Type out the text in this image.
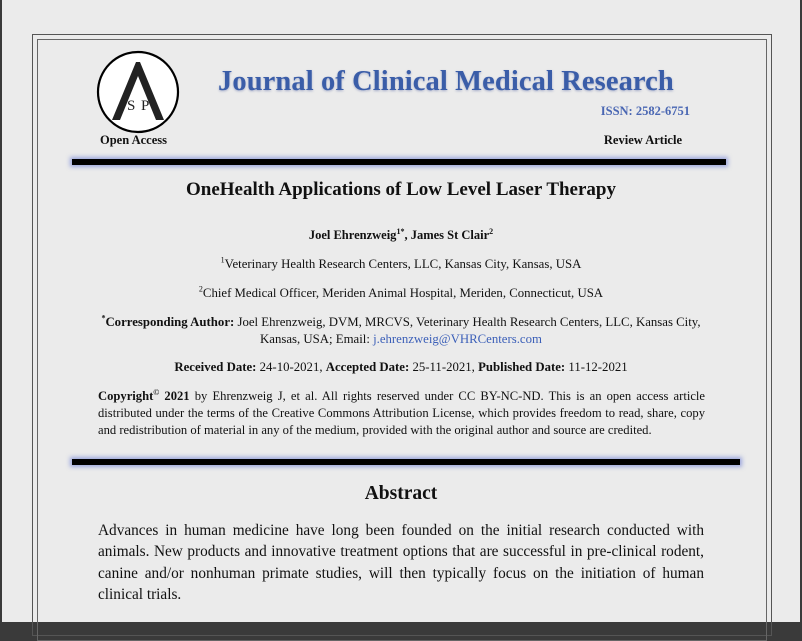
S P
Open Access
Journal of Clinical Medical Research
ISSN: 2582-6751
Review Article
OneHealth Applications of Low Level Laser Therapy
Joel Ehrenzweig$^{1*}$, James St Clair$^2$
$^1$Veterinary Health Research Centers, LLC, Kansas City, Kansas, USA
$^2$Chief Medical Officer, Meriden Animal Hospital, Meriden, Connecticut, USA
*Corresponding Author: Joel Ehrenzweig, DVM, MRCVS, Veterinary Health Research Centers, LLC, Kansas City, Kansas, USA; Email: j.ehrenzweig@VHRCenters.com
Received Date: 24-10-2021, Accepted Date: 25-11-2021, Published Date: 11-12-2021
Copyright© 2021 by Ehrenzweig J, et al. All rights reserved under CC BY-NC-ND. This is an open access article distributed under the terms of the Creative Commons Attribution License, which provides freedom to read, share, copy and redistribution of material in any of the medium, provided with the original author and source are credited.
Abstract

Advances in human medicine have long been founded on the initial research conducted with animals. New products and innovative treatment options that are successful in pre-clinical rodent, canine and/or nonhuman primate studies, will then typically focus on the initiation of human clinical trials.
